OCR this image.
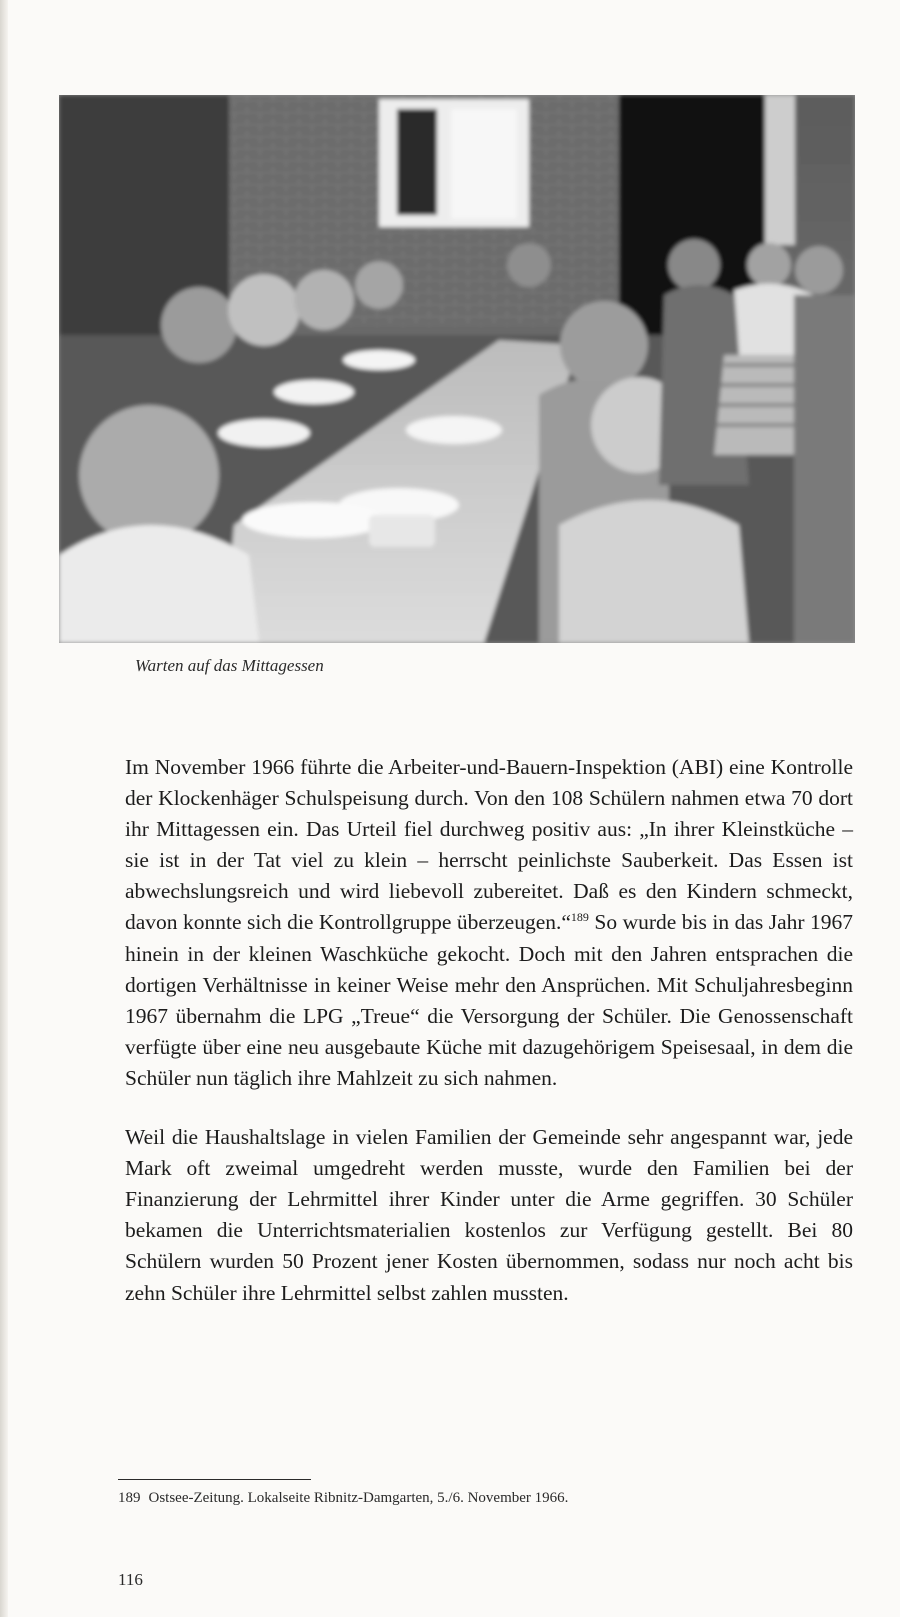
Warten auf das Mittagessen

Im November 1966 führte die Arbeiter-und-Bauern-Inspektion (ABI) eine Kontrolle der Klockenhäger Schulspeisung durch. Von den 108 Schülern nahmen etwa 70 dort ihr Mittagessen ein. Das Urteil fiel durchweg positiv aus: „In ihrer Kleinstküche – sie ist in der Tat viel zu klein – herrscht peinlichste Sauberkeit. Das Essen ist abwechslungsreich und wird liebevoll zubereitet. Daß es den Kindern schmeckt, davon konnte sich die Kontrollgruppe überzeugen.“$^{189}$ So wurde bis in das Jahr 1967 hinein in der kleinen Waschküche gekocht. Doch mit den Jahren entsprachen die dortigen Verhältnisse in keiner Weise mehr den Ansprüchen. Mit Schuljahresbeginn 1967 übernahm die LPG „Treue“ die Versorgung der Schüler. Die Genossenschaft verfügte über eine neu ausgebaute Küche mit dazugehörigem Speisesaal, in dem die Schüler nun täglich ihre Mahlzeit zu sich nahmen.

Weil die Haushaltslage in vielen Familien der Gemeinde sehr angespannt war, jede Mark oft zweimal umgedreht werden musste, wurde den Familien bei der Finanzierung der Lehrmittel ihrer Kinder unter die Arme gegriffen. 30 Schüler bekamen die Unterrichtsmaterialien kostenlos zur Verfügung gestellt. Bei 80 Schülern wurden 50 Prozent jener Kosten übernommen, sodass nur noch acht bis zehn Schüler ihre Lehrmittel selbst zahlen mussten.

189 Ostsee-Zeitung. Lokalseite Ribnitz-Damgarten, 5./6. November 1966.

116
